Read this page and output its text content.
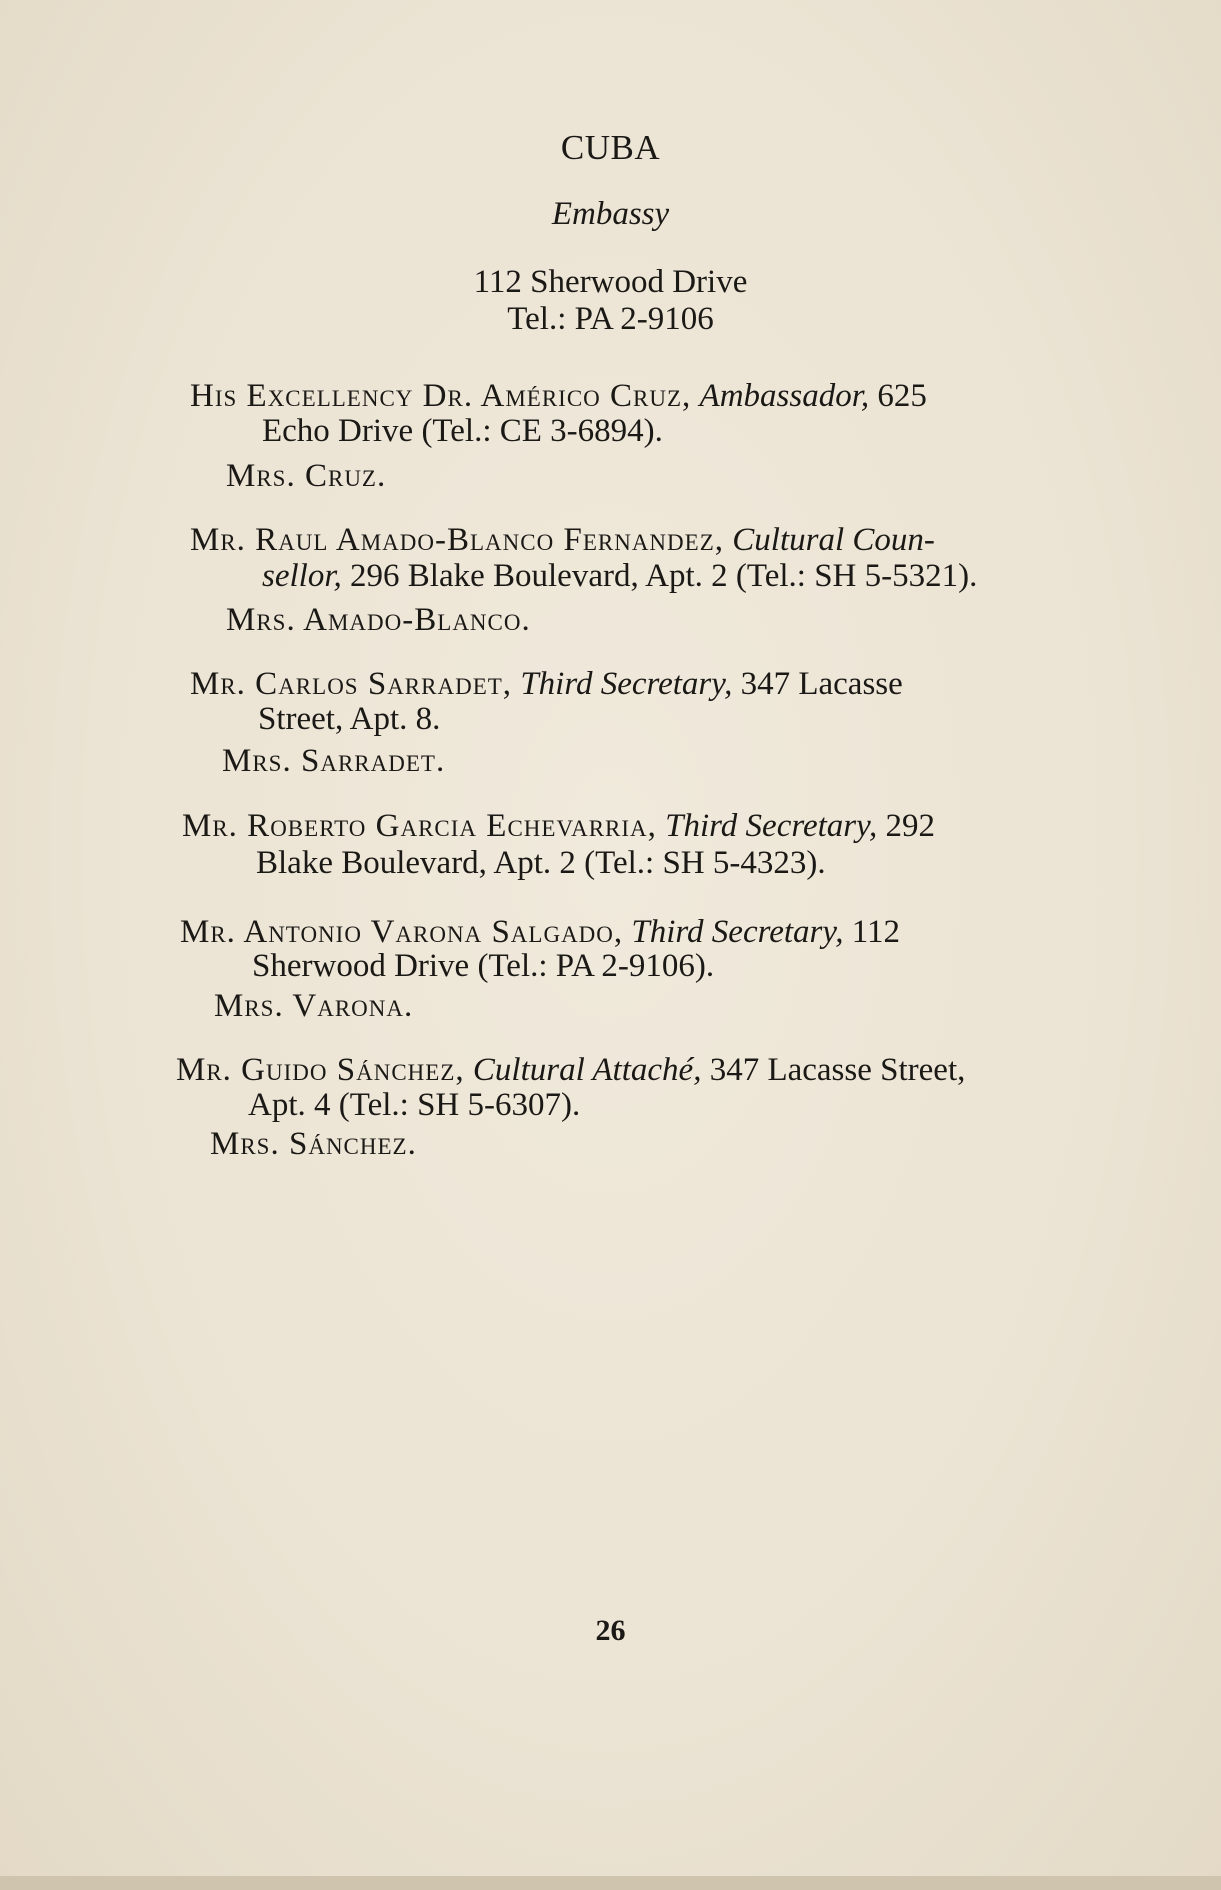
CUBA
Embassy
112 Sherwood Drive
Tel.: PA 2-9106
His Excellency Dr. Américo Cruz, Ambassador, 625
Echo Drive (Tel.: CE 3-6894).
Mrs. Cruz.
Mr. Raul Amado-Blanco Fernandez, Cultural Coun-
sellor, 296 Blake Boulevard, Apt. 2 (Tel.: SH 5-5321).
Mrs. Amado-Blanco.
Mr. Carlos Sarradet, Third Secretary, 347 Lacasse
Street, Apt. 8.
Mrs. Sarradet.
Mr. Roberto Garcia Echevarria, Third Secretary, 292
Blake Boulevard, Apt. 2 (Tel.: SH 5-4323).
Mr. Antonio Varona Salgado, Third Secretary, 112
Sherwood Drive (Tel.: PA 2-9106).
Mrs. Varona.
Mr. Guido Sánchez, Cultural Attaché, 347 Lacasse Street,
Apt. 4 (Tel.: SH 5-6307).
Mrs. Sánchez.
26
